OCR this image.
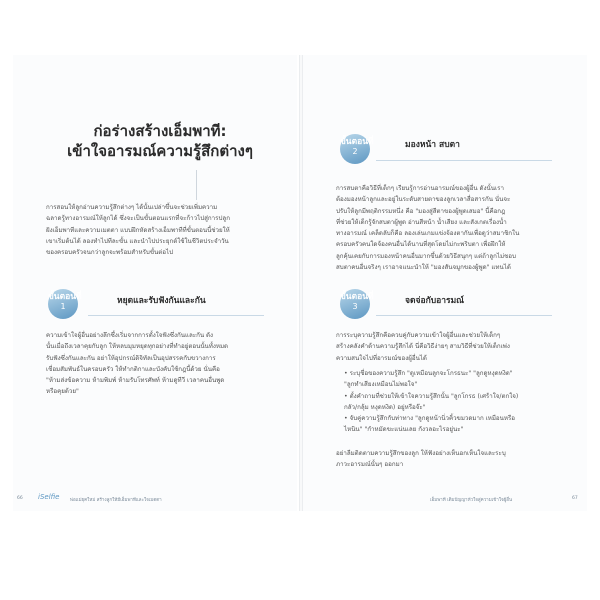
ก่อร่างสร้างเอ็มพาที:
เข้าใจอารมณ์ความรู้สึกต่างๆ

การสอนให้ลูกอ่านความรู้สึกต่างๆ ได้นั้นเปล่าขึ้นจะช่วยเพิ่มความ

ฉลาดรู้ทางอารมณ์ให้ลูกได้ ซึ่งจะเป็นขั้นตอนแรกที่จะก้าวไปสู่การปลูก

ฝังเอ็มพาทีและความเมตตา แบบฝึกหัดสร้างเอ็มพาทีที่ขั้นตอนนี้ช่วยให้

เขาเริ่มต้นได้ ลองทำไปทีละขั้น และนำไปประยุกต์ใช้ในชีวิตประจำวัน

ของครอบครัวจนกว่าลูกจะพร้อมสำหรับขั้นต่อไป

ขั้นตอนที่
1
หยุดและรับฟังกันและกัน

ความเข้าใจผู้อื่นอย่างลึกซึ้งเริ่มจากการตั้งใจฟังซึ่งกันและกัน ดัง

นั้นเมื่อถึงเวลาคุยกับลูก ให้หลบมุมหยุดทุกอย่างที่ทำอยู่ตอนนั้นทั้งหมด

รับฟังซึ่งกันและกัน อย่าให้อุปกรณ์ดิจิทัลเป็นอุปสรรคกับขวางการ

เชื่อมสัมพันธ์ในครอบครัว ให้ทำกติกาและบังคับใช้กฎนี้ด้วย นั่นคือ

"ห้ามส่งข้อความ ห้ามพิมพ์ ห้ามรับโทรศัพท์ ห้ามดูทีวี เวลาคนอื่นพูด

หรือคุยด้วย"

66 iSelfie พ่อแม่ยุคใหม่ สร้างลูกให้มีเอ็มพาทีและใจเมตตา
ขั้นตอนที่
2
มองหน้า สบตา

การสบตาคือวิธีที่เด็กๆ เรียนรู้การอ่านอารมณ์ของผู้อื่น ดังนั้นเรา

ต้องมองหน้าลูกและอยู่ในระดับสายตาของลูกเวลาสื่อสารกัน นั่นจะ

ปรับให้ลูกมีพฤติกรรมหนึ่ง คือ "มองสู่สีตาของผู้พูดเสมอ" นี้คือกฎ

ที่ช่วยให้เด็กรู้จักสบตาผู้พูด อ่านสีหน้า น้ำเสียง และสังเกตเรื่องน้ำ

ทางอารมณ์ เคล็ดลับก็คือ ลองเล่นเกมแข่งจ้องตากันเพื่อดูว่าสมาชิกใน

ครอบครัวคนใดจ้องคนอื่นได้นานที่สุดโดยไม่กะพริบตา เพื่อฝึกให้

ลูกคุ้นเคยกับการมองหน้าคนอื่นมากขึ้นด้วยวิธีสนุกๆ แต่ถ้าลูกไม่ชอบ

สบตาคนอื่นจริงๆ เราอาจแนะนำให้ "มองสันจมูกของผู้พูด" แทนได้

ขั้นตอนที่
3
จดจ่อกับอารมณ์

การระบุความรู้สึกคือควบคู่กับความเข้าใจผู้อื่นและช่วยให้เด็กๆ

สร้างคลังคำด้านความรู้สึกได้ นี่คือวิธีง่ายๆ สามวิธีที่ช่วยให้เด็กเพ่ง

ความสนใจไปที่อารมณ์ของผู้อื่นได้

• ระบุชื่อของความรู้สึก "ดูเหมือนลูกจะโกรธนะ" "ลูกดูหงุดหงิด"

"ลูกทำเสียงเหมือนไม่พอใจ"

• ตั้งคำถามที่ช่วยให้เข้าใจความรู้สึกนั้น "ลูกโกรธ (เศร้าใจ/ตกใจ)

กลัว/กลุ้ม หงุดหงิด) อยู่หรือจ๊ะ"

• จับคู่ความรู้สึกกับท่าทาง "ลูกดูหน้านิ่วคิ้วขมวดมาก เหมือนหรือ

ไหนิน" "กำหมัดขะแน่นเลย กังวลอะไรอยู่นะ"

อย่าลืมติดตามความรู้สึกของลูก ให้ฟังอย่างเห็นอกเห็นใจและระบุ

ภาวะอารมณ์นั้นๆ ออกมา

เอ็มพาที เติมปัญญาหัวใจสู่ความเข้าใจผู้อื่น	67
